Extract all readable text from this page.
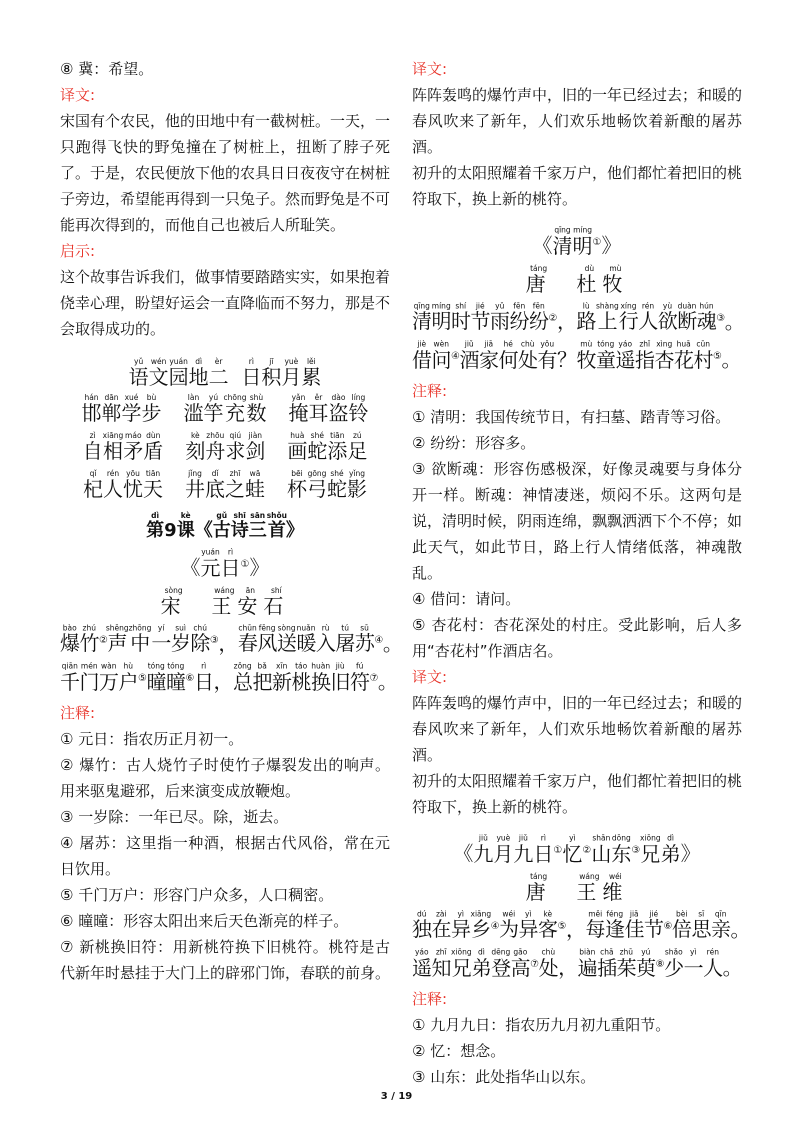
⑧ 冀：希望。

译文:

宋国有个农民，他的田地中有一截树桩。一天，一只跑得飞快的野兔撞在了树桩上，扭断了脖子死了。于是，农民便放下他的农具日日夜夜守在树桩子旁边，希望能再得到一只兔子。然而野兔是不可能再次得到的，而他自己也被后人所耻笑。

启示:

这个故事告诉我们，做事情要踏踏实实，如果抱着侥幸心理，盼望好运会一直降临而不努力，那是不会取得成功的。

语yǔ文wén园yuán地dì二èr  日rì积jī月yuè累lěi

邯hán郸dān学xué步bù
滥làn竽yú充chōng数shù
掩yǎn耳ěr盗dào铃líng

自zì相xiāng矛máo盾dùn
刻kè舟zhōu求qiú剑jiàn
画huà蛇shé添tiān足zú

杞qǐ人rén忧yōu天tiān
井jǐng底dǐ之zhī蛙wā
杯bēi弓gōng蛇shé影yǐng

第dì9课kè《古gǔ诗shī三sān首shǒu》

《元yuán日rì①》

宋sòng  王wáng安ān石shí

爆bào竹zhú②声shēng中zhōng一yí岁suì除chú③，春chūn风fēng送sòng暖nuǎn入rù屠tú苏sū④。

千qiān门mén万wàn户hù⑤曈tóng曈tóng⑥日rì，总zǒng把bǎ新xīn桃táo换huàn旧jiù符fú⑦。

注释:

① 元日：指农历正月初一。

② 爆竹：古人烧竹子时使竹子爆裂发出的响声。用来驱鬼避邪，后来演变成放鞭炮。

③ 一岁除：一年已尽。除，逝去。

④ 屠苏：这里指一种酒，根据古代风俗，常在元日饮用。

⑤ 千门万户：形容门户众多，人口稠密。

⑥ 曈曈：形容太阳出来后天色渐亮的样子。

⑦ 新桃换旧符：用新桃符换下旧桃符。桃符是古代新年时悬挂于大门上的辟邪门饰，春联的前身。

译文:

阵阵轰鸣的爆竹声中，旧的一年已经过去；和暖的春风吹来了新年，人们欢乐地畅饮着新酿的屠苏酒。

初升的太阳照耀着千家万户，他们都忙着把旧的桃符取下，换上新的桃符。

《清qīng明míng①》

唐táng  杜dù牧mù

清qīng明míng时shí节jié雨yǔ纷fēn纷fēn②，路lù上shàng行xíng人rén欲yù断duàn魂hún③。

借jiè问wèn④酒jiǔ家jiā何hé处chù有yǒu？牧mù童tóng遥yáo指zhǐ杏xìng花huā村cūn⑤。

注释:

① 清明：我国传统节日，有扫墓、踏青等习俗。

② 纷纷：形容多。

③ 欲断魂：形容伤感极深，好像灵魂要与身体分开一样。断魂：神情凄迷，烦闷不乐。这两句是说，清明时候，阴雨连绵，飘飘洒洒下个不停；如此天气，如此节日，路上行人情绪低落，神魂散乱。

④ 借问：请问。

⑤ 杏花村：杏花深处的村庄。受此影响，后人多用“杏花村”作酒店名。

译文:

阵阵轰鸣的爆竹声中，旧的一年已经过去；和暖的春风吹来了新年，人们欢乐地畅饮着新酿的屠苏酒。

初升的太阳照耀着千家万户，他们都忙着把旧的桃符取下，换上新的桃符。

《九jiǔ月yuè九jiǔ日rì①忆yì②山shān东dōng③兄xiōng弟dì》

唐táng  王wáng维wéi

独dú在zài异yì乡xiāng④为wéi异yì客kè⑤，每měi逢féng佳jiā节jié⑥倍bèi思sī亲qīn。

遥yáo知zhī兄xiōng弟dì登dēng高gāo⑦处chù，遍biàn插chā茱zhū萸yú⑧少shǎo一yì人rén。

注释:

① 九月九日：指农历九月初九重阳节。

② 忆：想念。

③ 山东：此处指华山以东。

3 / 19
